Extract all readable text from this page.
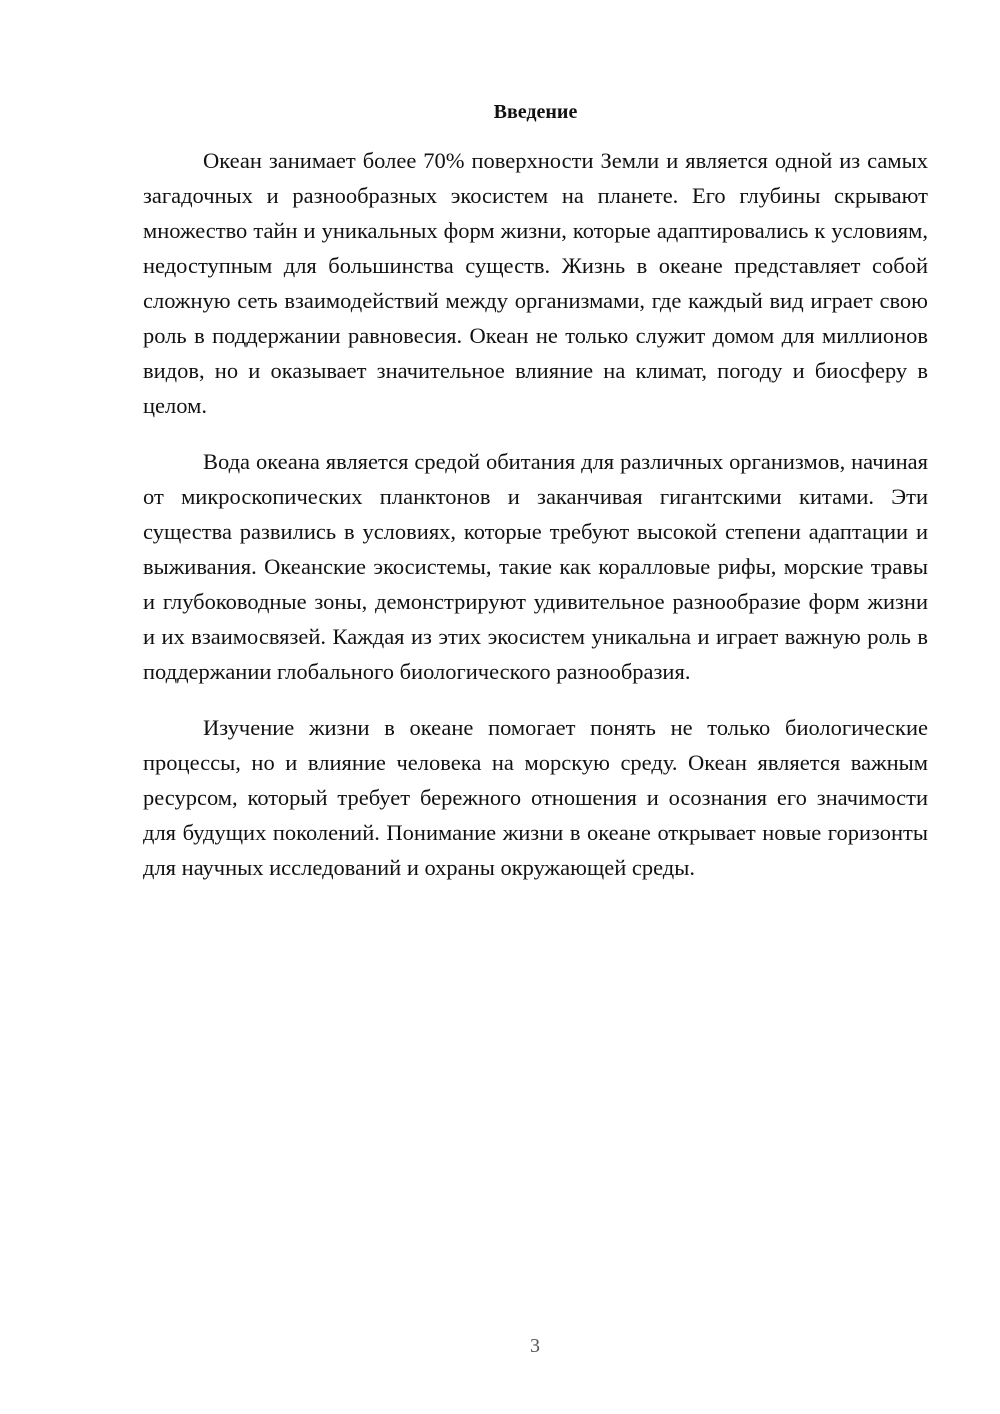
Введение

Океан занимает более 70% поверхности Земли и является одной из самых загадочных и разнообразных экосистем на планете. Его глубины скрывают множество тайн и уникальных форм жизни, которые адаптировались к условиям, недоступным для большинства существ. Жизнь в океане представляет собой сложную сеть взаимодействий между организмами, где каждый вид играет свою роль в поддержании равновесия. Океан не только служит домом для миллионов видов, но и оказывает значительное влияние на климат, погоду и биосферу в целом.

Вода океана является средой обитания для различных организмов, начиная от микроскопических планктонов и заканчивая гигантскими китами. Эти существа развились в условиях, которые требуют высокой степени адаптации и выживания. Океанские экосистемы, такие как коралловые рифы, морские травы и глубоководные зоны, демонстрируют удивительное разнообразие форм жизни и их взаимосвязей. Каждая из этих экосистем уникальна и играет важную роль в поддержании глобального биологического разнообразия.

Изучение жизни в океане помогает понять не только биологические процессы, но и влияние человека на морскую среду. Океан является важным ресурсом, который требует бережного отношения и осознания его значимости для будущих поколений. Понимание жизни в океане открывает новые горизонты для научных исследований и охраны окружающей среды.

3
